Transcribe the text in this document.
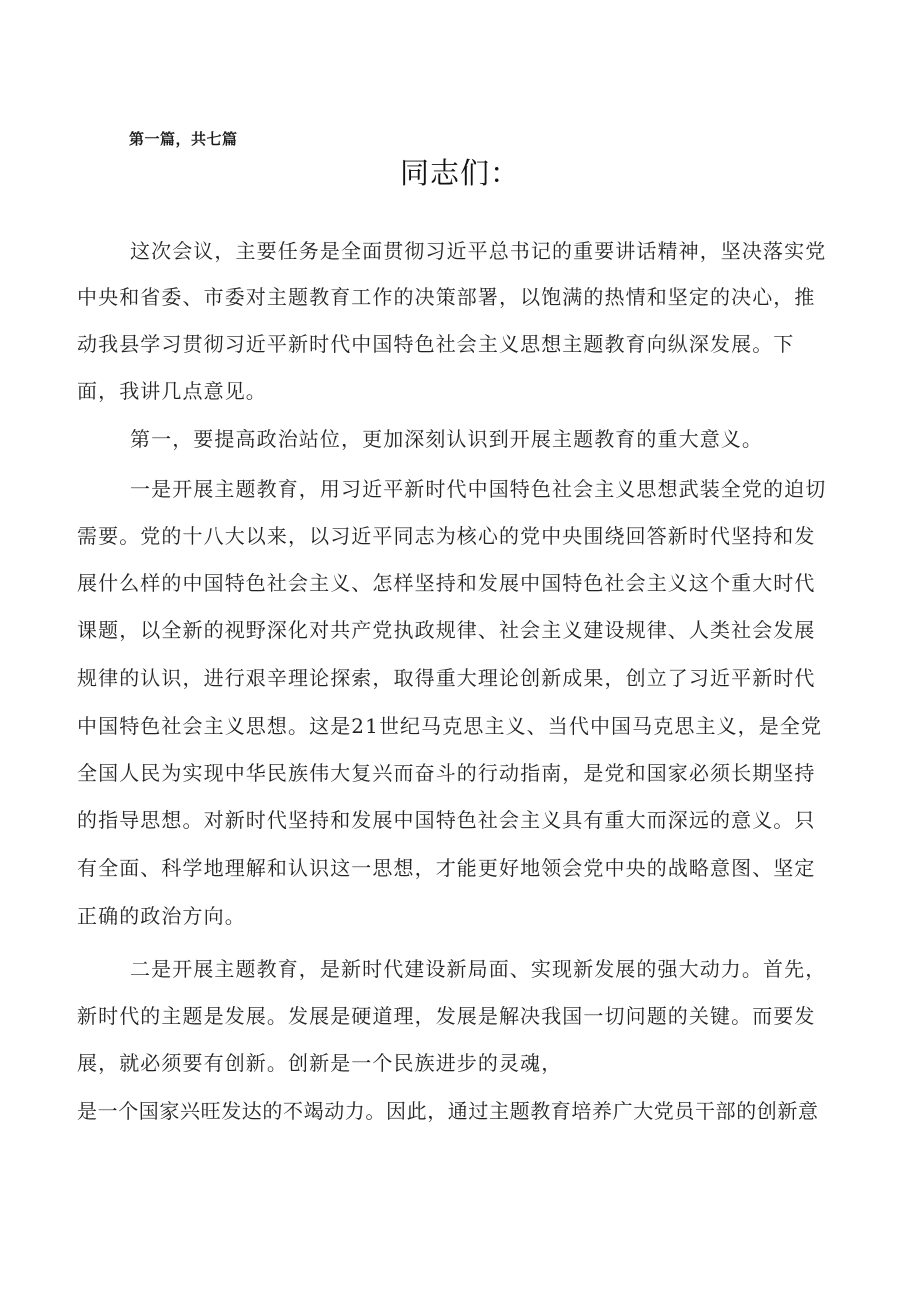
第一篇，共七篇
同志们：
这次会议，主要任务是全面贯彻习近平总书记的重要讲话精神，坚决落实党
中央和省委、市委对主题教育工作的决策部署，以饱满的热情和坚定的决心，推
动我县学习贯彻习近平新时代中国特色社会主义思想主题教育向纵深发展。下
面，我讲几点意见。
第一，要提高政治站位，更加深刻认识到开展主题教育的重大意义。
一是开展主题教育，用习近平新时代中国特色社会主义思想武装全党的迫切
需要。党的十八大以来，以习近平同志为核心的党中央围绕回答新时代坚持和发
展什么样的中国特色社会主义、怎样坚持和发展中国特色社会主义这个重大时代
课题，以全新的视野深化对共产党执政规律、社会主义建设规律、人类社会发展
规律的认识，进行艰辛理论探索，取得重大理论创新成果，创立了习近平新时代
中国特色社会主义思想。这是21世纪马克思主义、当代中国马克思主义，是全党
全国人民为实现中华民族伟大复兴而奋斗的行动指南，是党和国家必须长期坚持
的指导思想。对新时代坚持和发展中国特色社会主义具有重大而深远的意义。只
有全面、科学地理解和认识这一思想，才能更好地领会党中央的战略意图、坚定
正确的政治方向。
二是开展主题教育，是新时代建设新局面、实现新发展的强大动力。首先，
新时代的主题是发展。发展是硬道理，发展是解决我国一切问题的关键。而要发
展，就必须要有创新。创新是一个民族进步的灵魂，
是一个国家兴旺发达的不竭动力。因此，通过主题教育培养广大党员干部的创新意
